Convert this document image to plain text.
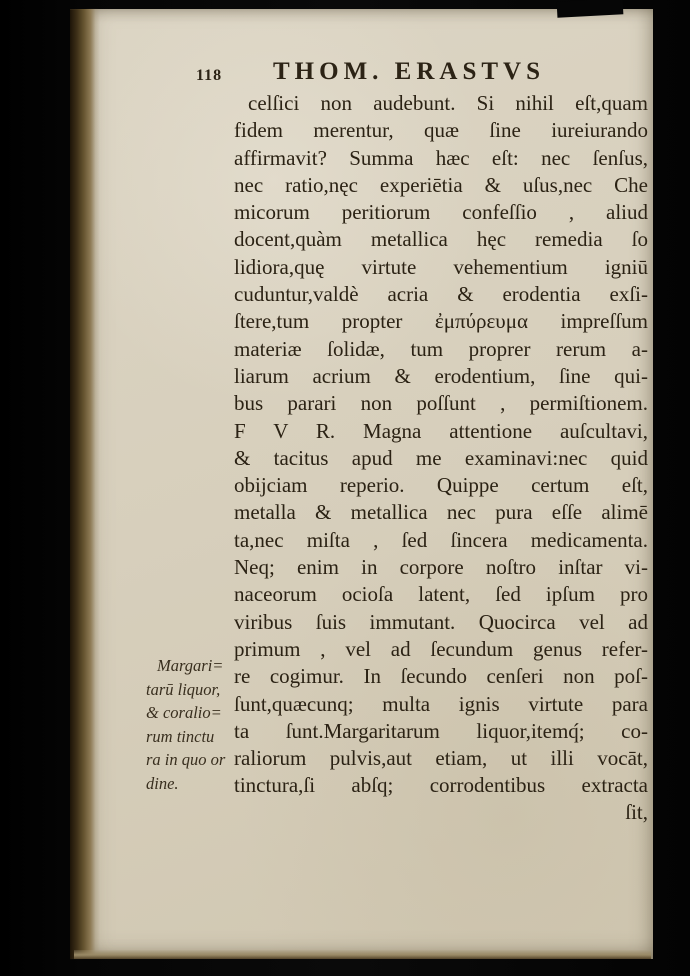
118	THOM. ERASTVS
Margari=
tarū liquor,
& coralio=
rum tinctu
ra in quo or
dine.
celſici non audebunt. Si nihil eſt,quam
fidem merentur, quæ ſine iureiurando
affirmavit? Summa hæc eſt: nec ſenſus,
nec ratio,nęc experiētia & uſus,nec Che
micorum peritiorum confeſſio , aliud
docent,quàm metallica hęc remedia ſo
lidiora,quę virtute vehementium igniū
cuduntur,valdè acria & erodentia exſi-
ſtere,tum propter ἐμπύρευμα impreſſum
materiæ ſolidæ, tum proprer rerum a-
liarum acrium & erodentium, ſine qui-
bus parari non poſſunt , permiſtionem.
F V R. Magna attentione auſcultavi,
& tacitus apud me examinavi:nec quid
obijciam reperio. Quippe certum eſt,
metalla & metallica nec pura eſſe alimē
ta,nec miſta , ſed ſincera medicamenta.
Neq; enim in corpore noſtro inſtar vi-
naceorum ocioſa latent, ſed ipſum pro
viribus ſuis immutant. Quocirca vel ad
primum , vel ad ſecundum genus refer-
re cogimur. In ſecundo cenſeri non poſ-
ſunt,quæcunq; multa ignis virtute para
ta ſunt.Margaritarum liquor,itemq́; co-
raliorum pulvis,aut etiam, ut illi vocāt,
tinctura,ſi abſq; corrodentibus extracta
ſit,
